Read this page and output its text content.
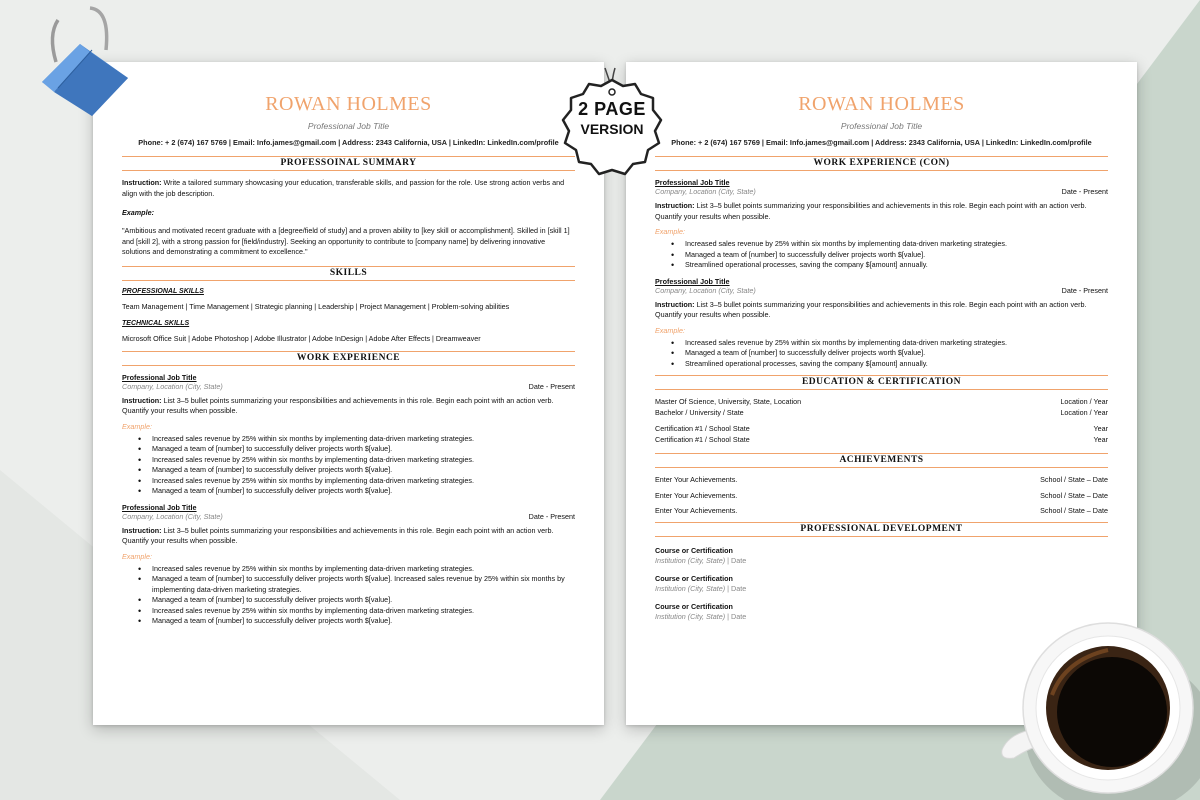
ROWAN HOLMES
Professional Job Title
Phone: + 2 (674) 167 5769 | Email: Info.james@gmail.com | Address: 2343 California, USA | LinkedIn: LinkedIn.com/profile
PROFESSOINAL SUMMARY
Instruction: Write a tailored summary showcasing your education, transferable skills, and passion for the role. Use strong action verbs and align with the job description.
Example:
"Ambitious and motivated recent graduate with a [degree/field of study] and a proven ability to [key skill or accomplishment]. Skilled in [skill 1] and [skill 2], with a strong passion for [field/industry]. Seeking an opportunity to contribute to [company name] by delivering innovative solutions and demonstrating a commitment to excellence."
SKILLS
PROFESSIONAL SKILLS
Team Management | Time Management | Strategic planning | Leadership | Project Management | Problem-solving abilities
TECHNICAL SKILLS
Microsoft Office Suit | Adobe Photoshop | Adobe Illustrator | Adobe InDesign | Adobe After Effects | Dreamweaver
WORK EXPERIENCE
Professional Job Title
Company, Location (City, State)	Date - Present
Instruction: List 3–5 bullet points summarizing your responsibilities and achievements in this role. Begin each point with an action verb. Quantify your results when possible.
Example:
• Increased sales revenue by 25% within six months by implementing data-driven marketing strategies.
• Managed a team of [number] to successfully deliver projects worth $[value].
• Increased sales revenue by 25% within six months by implementing data-driven marketing strategies.
• Managed a team of [number] to successfully deliver projects worth $[value].
• Increased sales revenue by 25% within six months by implementing data-driven marketing strategies.
• Managed a team of [number] to successfully deliver projects worth $[value].
Professional Job Title
Company, Location (City, State)	Date - Present
Instruction: List 3–5 bullet points summarizing your responsibilities and achievements in this role. Begin each point with an action verb. Quantify your results when possible.
Example:
• Increased sales revenue by 25% within six months by implementing data-driven marketing strategies.
• Managed a team of [number] to successfully deliver projects worth $[value]. Increased sales revenue by 25% within six months by implementing data-driven marketing strategies.
• Managed a team of [number] to successfully deliver projects worth $[value].
• Increased sales revenue by 25% within six months by implementing data-driven marketing strategies.
• Managed a team of [number] to successfully deliver projects worth $[value].
ROWAN HOLMES
Professional Job Title
Phone: + 2 (674) 167 5769 | Email: Info.james@gmail.com | Address: 2343 California, USA | LinkedIn: LinkedIn.com/profile
WORK EXPERIENCE (CON)
Professional Job Title
Company, Location (City, State)	Date - Present
Instruction: List 3–5 bullet points summarizing your responsibilities and achievements in this role. Begin each point with an action verb. Quantify your results when possible.
Example:
• Increased sales revenue by 25% within six months by implementing data-driven marketing strategies.
• Managed a team of [number] to successfully deliver projects worth $[value].
• Streamlined operational processes, saving the company $[amount] annually.
Professional Job Title
Company, Location (City, State)	Date - Present
Instruction: List 3–5 bullet points summarizing your responsibilities and achievements in this role. Begin each point with an action verb. Quantify your results when possible.
Example:
• Increased sales revenue by 25% within six months by implementing data-driven marketing strategies.
• Managed a team of [number] to successfully deliver projects worth $[value].
• Streamlined operational processes, saving the company $[amount] annually.
EDUCATION & CERTIFICATION
Master Of Science, University, State, Location	Location / Year
Bachelor / University / State	Location / Year
Certification #1 / School State	Year
Certification #1 / School State	Year
ACHIEVEMENTS
Enter Your Achievements.	School / State – Date
Enter Your Achievements.	School / State – Date
Enter Your Achievements.	School / State – Date
PROFESSIONAL DEVELOPMENT
Course or Certification
Institution (City, State) | Date
Course or Certification
Institution (City, State) | Date
Course or Certification
Institution (City, State) | Date
2 PAGE
VERSION
